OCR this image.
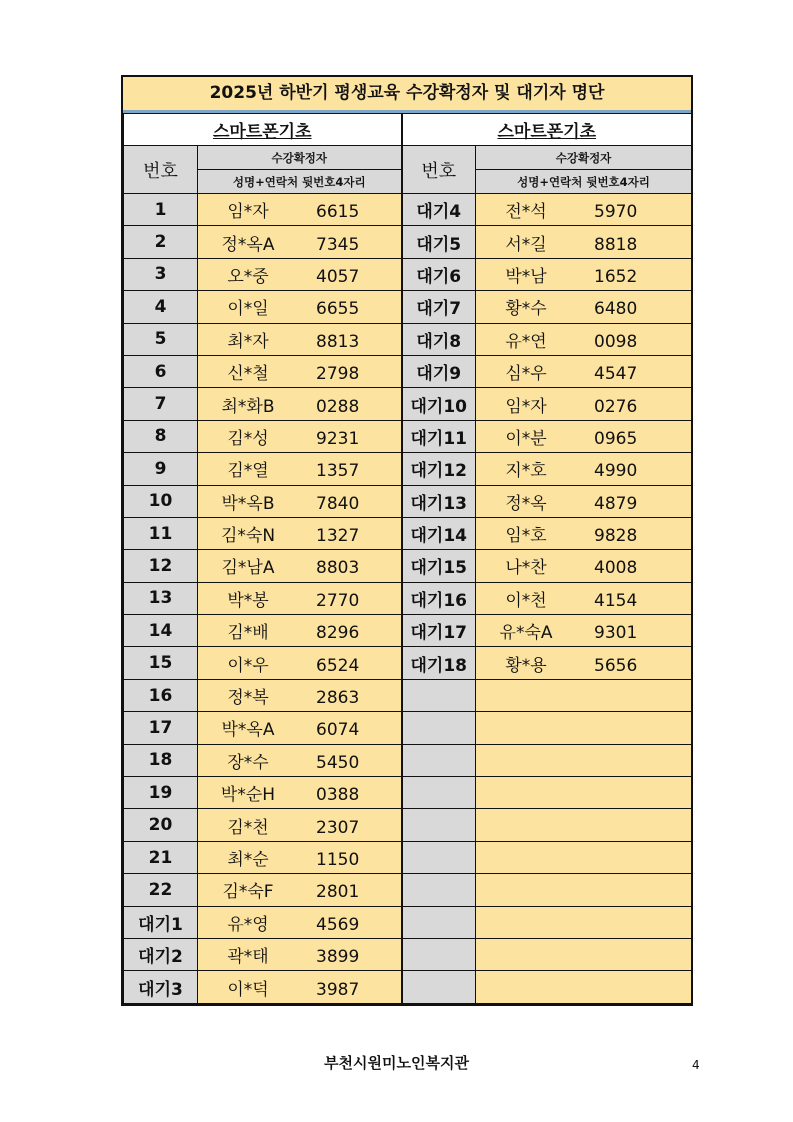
2025년 하반기 평생교육 수강확정자 및 대기자 명단
스마트폰기초		스마트폰기초	
번호	수강확정자	번호	수강확정자
	성명+연락처 뒷번호4자리		성명+연락처 뒷번호4자리
1	임*자 6615	대기4	전*석 5970
2	정*옥A 7345	대기5	서*길 8818
3	오*중 4057	대기6	박*남 1652
4	이*일 6655	대기7	황*수 6480
5	최*자 8813	대기8	유*연 0098
6	신*철 2798	대기9	심*우 4547
7	최*화B 0288	대기10	임*자 0276
8	김*성 9231	대기11	이*분 0965
9	김*열 1357	대기12	지*호 4990
10	박*옥B 7840	대기13	정*옥 4879
11	김*숙N 1327	대기14	임*호 9828
12	김*남A 8803	대기15	나*찬 4008
13	박*봉 2770	대기16	이*천 4154
14	김*배 8296	대기17	유*숙A 9301
15	이*우 6524	대기18	황*용 5656
16	정*복 2863		
17	박*옥A 6074		
18	장*수 5450		
19	박*순H 0388		
20	김*천 2307		
21	최*순 1150		
22	김*숙F 2801		
대기1	유*영 4569		
대기2	곽*태 3899		
대기3	이*덕 3987		
부천시원미노인복지관	4
